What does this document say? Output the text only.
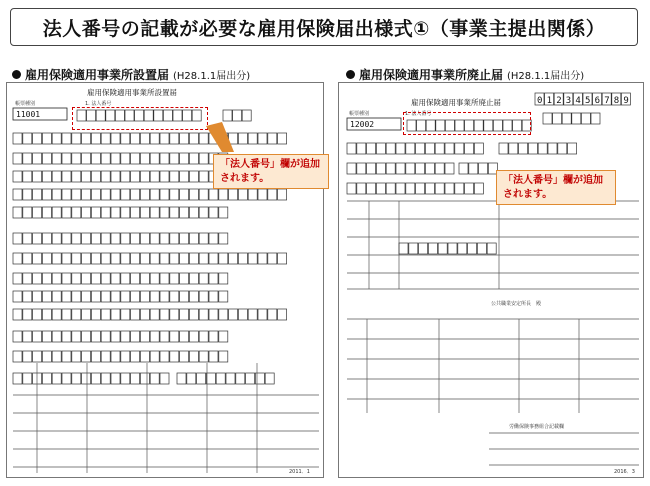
法人番号の記載が必要な雇用保険届出様式①（事業主提出関係）
雇用保険適用事業所設置届 (H28.1.1届出分)
雇用保険適用事業所設置届
帳票種別
11001
1. 法人番号
2011．1
「法人番号」欄が追加
されます。
雇用保険適用事業所廃止届 (H28.1.1届出分)
雇用保険適用事業所廃止届	0 1 2 3 4 5 6 7 8 9
帳票種別
12002
1. 法人番号
公共職業安定所長　殿
労働保険事務組合記載欄
2016．3
「法人番号」欄が追加
されます。
